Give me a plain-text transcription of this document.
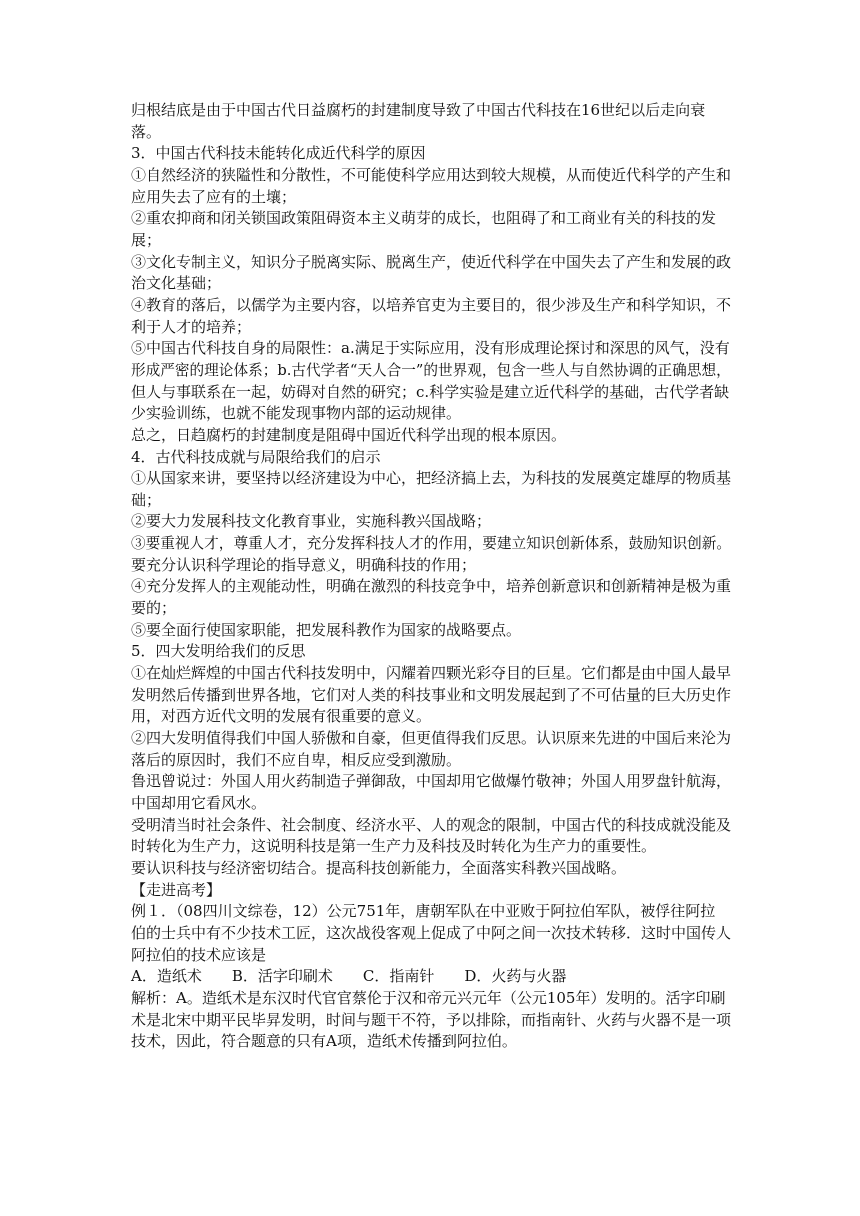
归根结底是由于中国古代日益腐朽的封建制度导致了中国古代科技在16世纪以后走向衰
落。
3．中国古代科技未能转化成近代科学的原因
①自然经济的狭隘性和分散性，不可能使科学应用达到较大规模，从而使近代科学的产生和
应用失去了应有的土壤；
②重农抑商和闭关锁国政策阻碍资本主义萌芽的成长，也阻碍了和工商业有关的科技的发
展；
③文化专制主义，知识分子脱离实际、脱离生产，使近代科学在中国失去了产生和发展的政
治文化基础；
④教育的落后，以儒学为主要内容，以培养官吏为主要目的，很少涉及生产和科学知识，不
利于人才的培养；
⑤中国古代科技自身的局限性：a.满足于实际应用，没有形成理论探讨和深思的风气，没有
形成严密的理论体系；b.古代学者“天人合一”的世界观，包含一些人与自然协调的正确思想，
但人与事联系在一起，妨碍对自然的研究；c.科学实验是建立近代科学的基础，古代学者缺
少实验训练，也就不能发现事物内部的运动规律。
总之，日趋腐朽的封建制度是阻碍中国近代科学出现的根本原因。
4．古代科技成就与局限给我们的启示
①从国家来讲，要坚持以经济建设为中心，把经济搞上去，为科技的发展奠定雄厚的物质基
础；
②要大力发展科技文化教育事业，实施科教兴国战略；
③要重视人才，尊重人才，充分发挥科技人才的作用，要建立知识创新体系，鼓励知识创新。
要充分认识科学理论的指导意义，明确科技的作用；
④充分发挥人的主观能动性，明确在激烈的科技竞争中，培养创新意识和创新精神是极为重
要的；
⑤要全面行使国家职能，把发展科教作为国家的战略要点。
5．四大发明给我们的反思
①在灿烂辉煌的中国古代科技发明中，闪耀着四颗光彩夺目的巨星。它们都是由中国人最早
发明然后传播到世界各地，它们对人类的科技事业和文明发展起到了不可估量的巨大历史作
用，对西方近代文明的发展有很重要的意义。
②四大发明值得我们中国人骄傲和自豪，但更值得我们反思。认识原来先进的中国后来沦为
落后的原因时，我们不应自卑，相反应受到激励。
鲁迅曾说过：外国人用火药制造子弹御敌，中国却用它做爆竹敬神；外国人用罗盘针航海，
中国却用它看风水。
受明清当时社会条件、社会制度、经济水平、人的观念的限制，中国古代的科技成就没能及
时转化为生产力，这说明科技是第一生产力及科技及时转化为生产力的重要性。
要认识科技与经济密切结合。提高科技创新能力，全面落实科教兴国战略。
【走进高考】
例１．（08四川文综卷，12）公元751年，唐朝军队在中亚败于阿拉伯军队，被俘往阿拉
伯的士兵中有不少技术工匠，这次战役客观上促成了中阿之间一次技术转移．这时中国传人
阿拉伯的技术应该是
A．造纸术　　B．活字印刷术　　C．指南针　　D．火药与火器
解析：A。造纸术是东汉时代官官蔡伦于汉和帝元兴元年（公元105年）发明的。活字印刷
术是北宋中期平民毕昇发明，时间与题干不符，予以排除，而指南针、火药与火器不是一项
技术，因此，符合题意的只有A项，造纸术传播到阿拉伯。
